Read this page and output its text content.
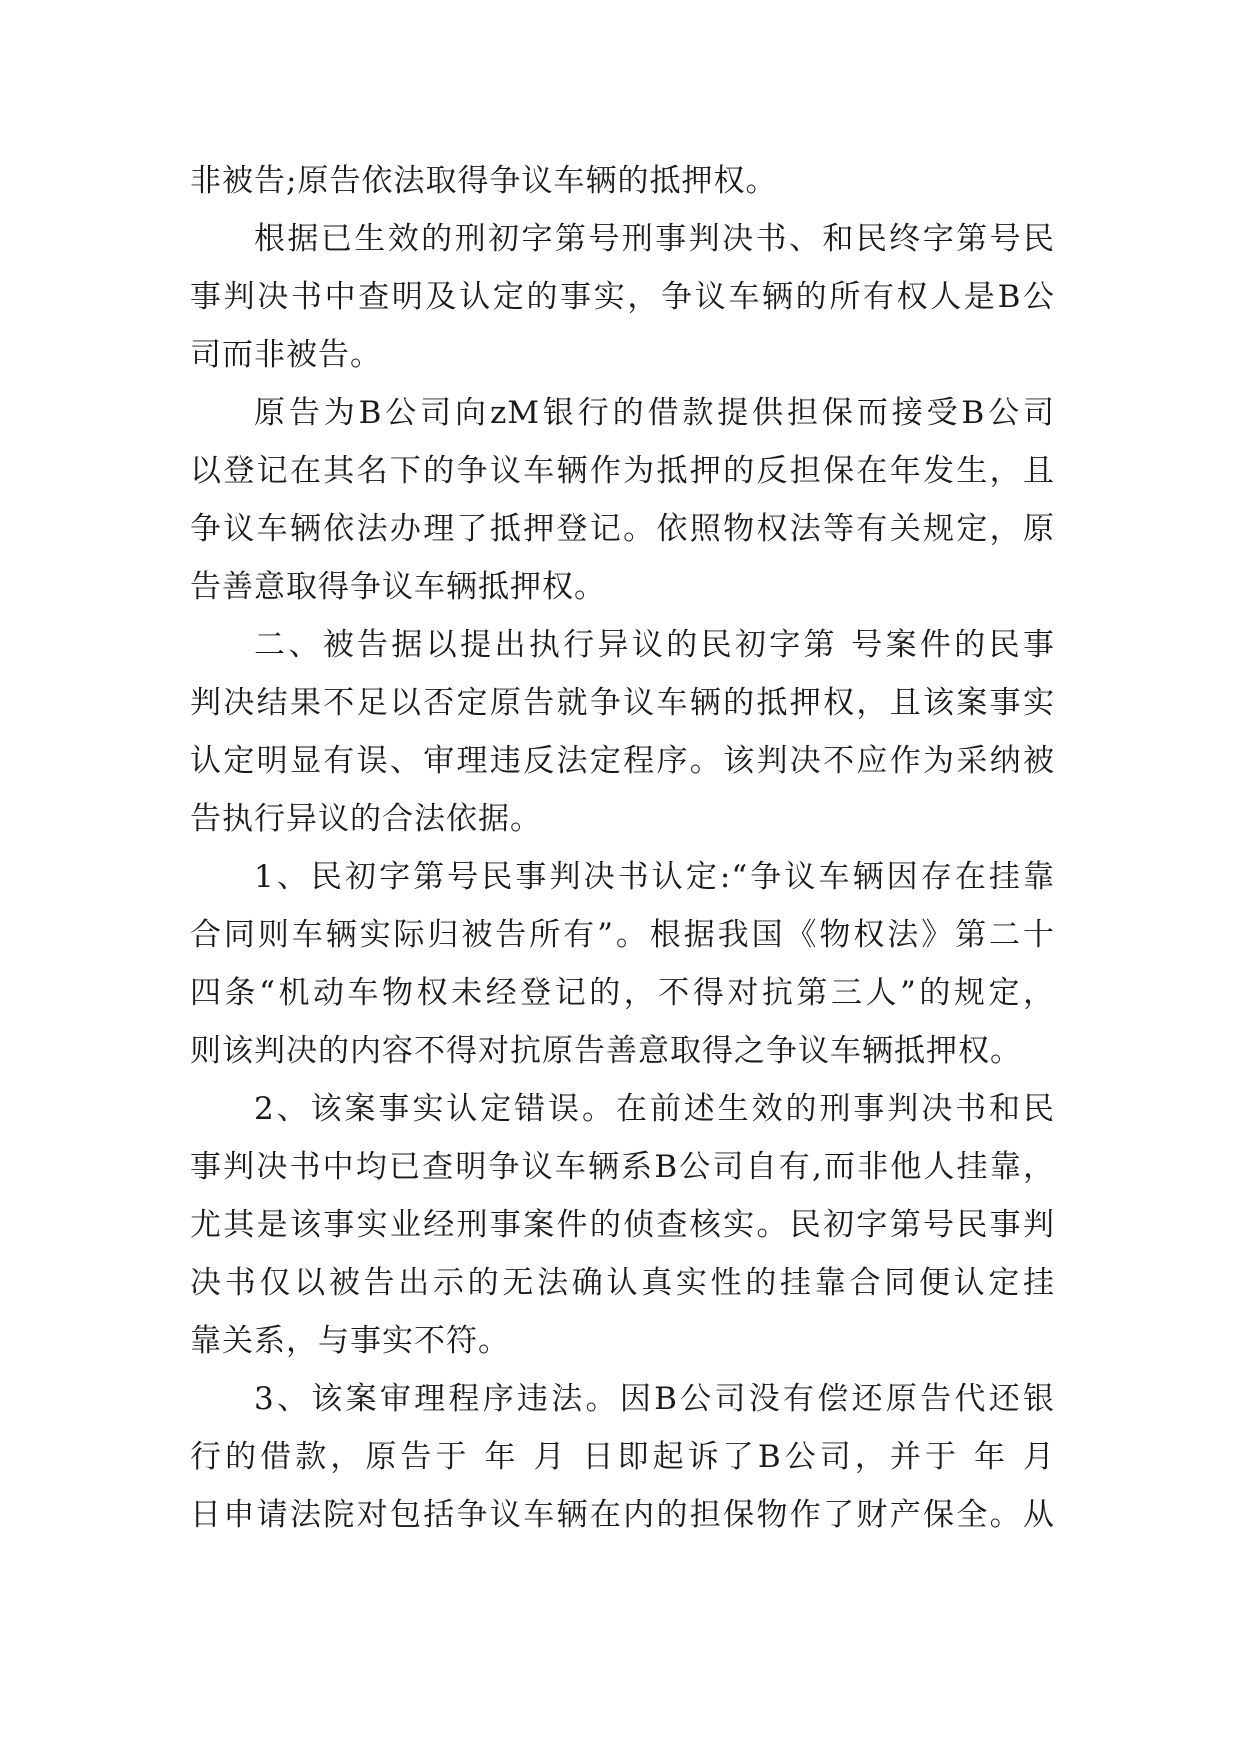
非被告;原告依法取得争议车辆的抵押权。
根据已生效的刑初字第号刑事判决书、和民终字第号民
事判决书中查明及认定的事实，争议车辆的所有权人是B公
司而非被告。
原告为B公司向zM银行的借款提供担保而接受B公司
以登记在其名下的争议车辆作为抵押的反担保在年发生，且
争议车辆依法办理了抵押登记。依照物权法等有关规定，原
告善意取得争议车辆抵押权。
二、被告据以提出执行异议的民初字第 号案件的民事
判决结果不足以否定原告就争议车辆的抵押权，且该案事实
认定明显有误、审理违反法定程序。该判决不应作为采纳被
告执行异议的合法依据。
1、民初字第号民事判决书认定:“争议车辆因存在挂靠
合同则车辆实际归被告所有”。根据我国《物权法》第二十
四条“机动车物权未经登记的，不得对抗第三人”的规定，
则该判决的内容不得对抗原告善意取得之争议车辆抵押权。
2、该案事实认定错误。在前述生效的刑事判决书和民
事判决书中均已查明争议车辆系B公司自有,而非他人挂靠，
尤其是该事实业经刑事案件的侦查核实。民初字第号民事判
决书仅以被告出示的无法确认真实性的挂靠合同便认定挂
靠关系，与事实不符。
3、该案审理程序违法。因B公司没有偿还原告代还银
行的借款，原告于 年 月 日即起诉了B公司，并于 年 月
日申请法院对包括争议车辆在内的担保物作了财产保全。从
